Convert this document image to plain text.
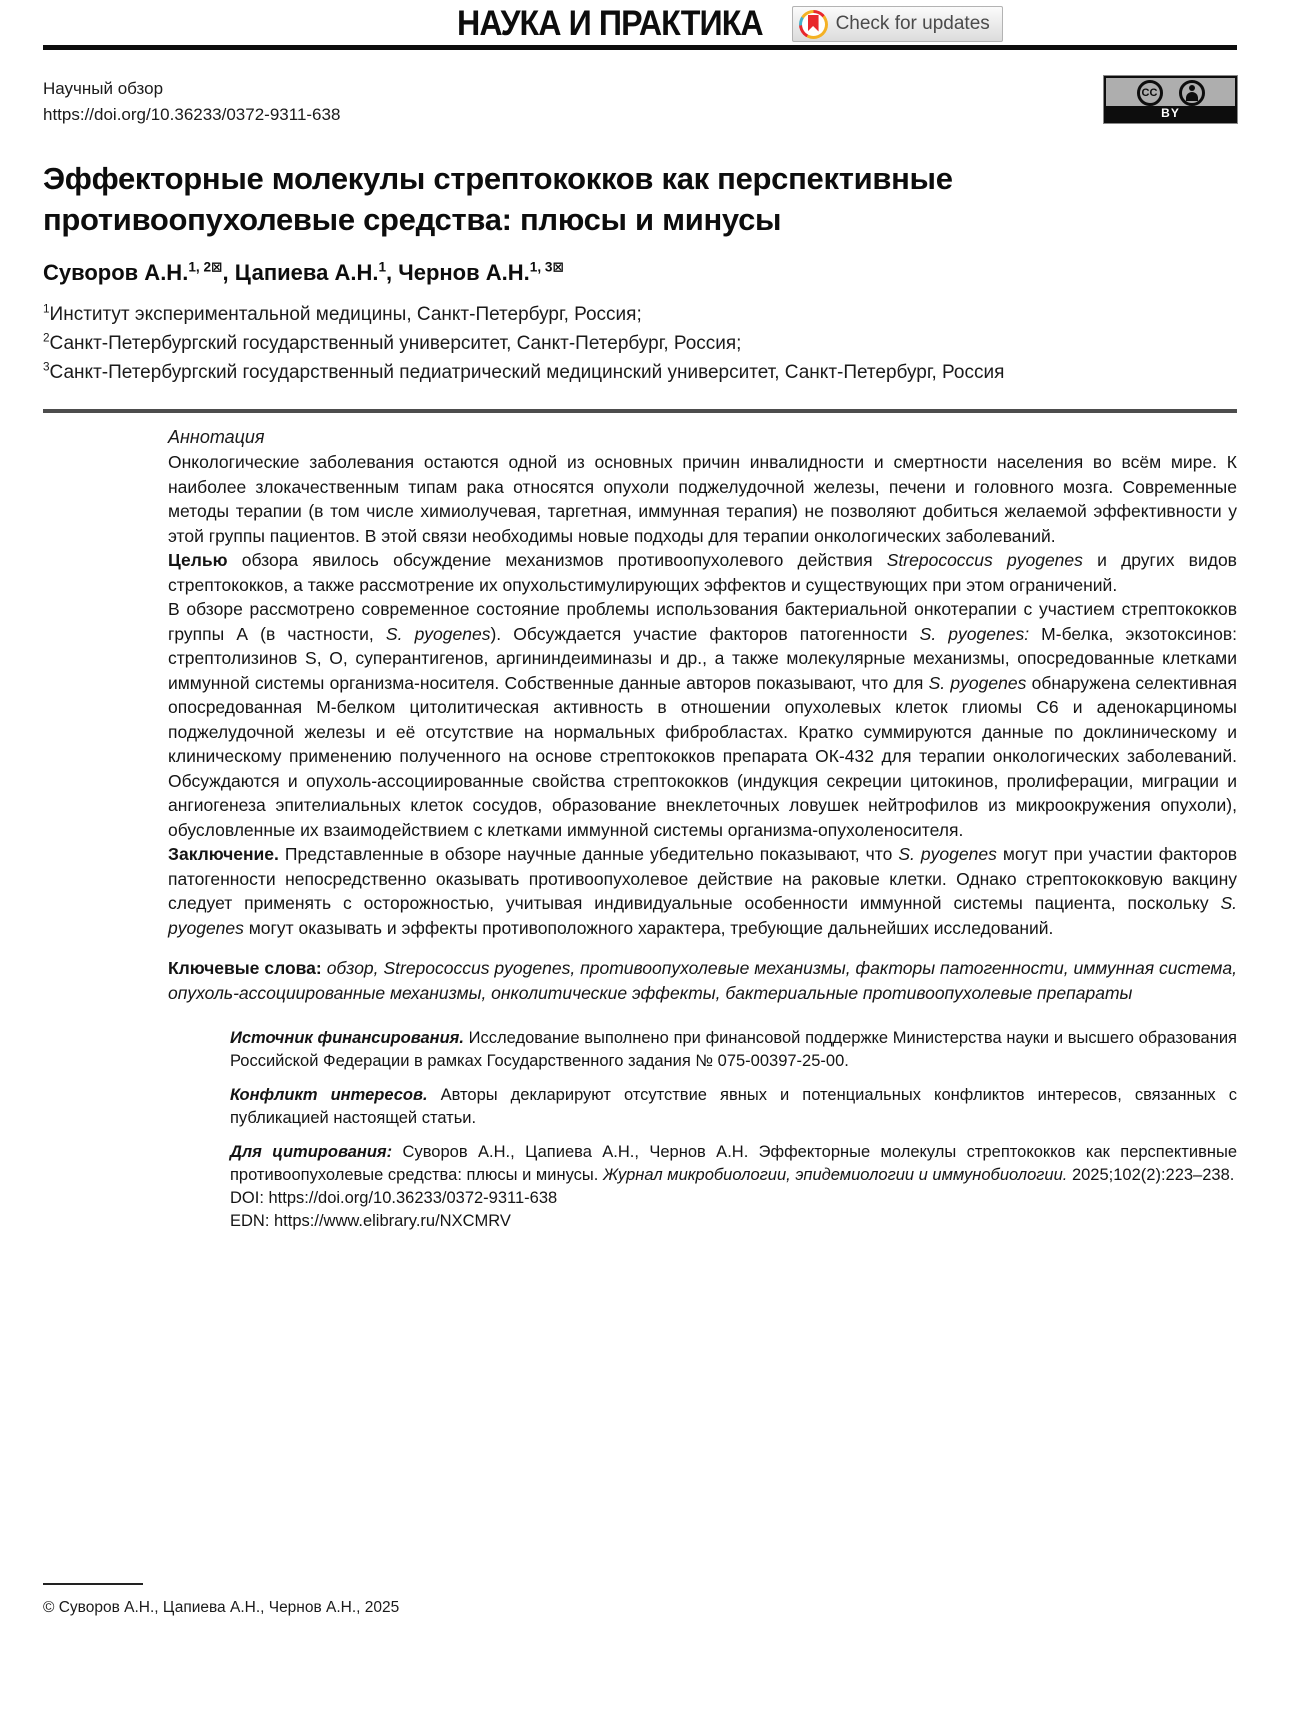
НАУКА И ПРАКТИКА	Check for updates
Научный обзор
https://doi.org/10.36233/0372-9311-638
CC
BY
Эффекторные молекулы стрептококков как перспективные противоопухолевые средства: плюсы и минусы
Суворов А.Н.$^{1, 2⊠}$, Цапиева А.Н.$^1$, Чернов А.Н.$^{1, 3⊠}$
$^1$Институт экспериментальной медицины, Санкт-Петербург, Россия;
$^2$Санкт-Петербургский государственный университет, Санкт-Петербург, Россия;
$^3$Санкт-Петербургский государственный педиатрический медицинский университет, Санкт-Петербург, Россия

Аннотация

Онкологические заболевания остаются одной из основных причин инвалидности и смертности населения во всём мире. К наиболее злокачественным типам рака относятся опухоли поджелудочной железы, печени и головного мозга. Современные методы терапии (в том числе химиолучевая, таргетная, иммунная терапия) не позволяют добиться желаемой эффективности у этой группы пациентов. В этой связи необходимы новые подходы для терапии онкологических заболеваний.

Целью обзора явилось обсуждение механизмов противоопухолевого действия Strepococcus pyogenes и других видов стрептококков, а также рассмотрение их опухольстимулирующих эффектов и существующих при этом ограничений.

В обзоре рассмотрено современное состояние проблемы использования бактериальной онкотерапии с участием стрептококков группы А (в частности, S. pyogenes). Обсуждается участие факторов патогенности S. pyogenes: М-белка, экзотоксинов: стрептолизинов S, О, суперантигенов, аргининдеиминазы и др., а также молекулярные механизмы, опосредованные клетками иммунной системы организма-носителя. Собственные данные авторов показывают, что для S. pyogenes обнаружена селективная опосредованная М-белком цитолитическая активность в отношении опухолевых клеток глиомы С6 и аденокарциномы поджелудочной железы и её отсутствие на нормальных фибробластах. Кратко суммируются данные по доклиническому и клиническому применению полученного на основе стрептококков препарата ОК-432 для терапии онкологических заболеваний. Обсуждаются и опухоль-ассоциированные свойства стрептококков (индукция секреции цитокинов, пролиферации, миграции и ангиогенеза эпителиальных клеток сосудов, образование внеклеточных ловушек нейтрофилов из микроокружения опухоли), обусловленные их взаимодействием с клетками иммунной системы организма-опухоленосителя.

Заключение. Представленные в обзоре научные данные убедительно показывают, что S. pyogenes могут при участии факторов патогенности непосредственно оказывать противоопухолевое действие на раковые клетки. Однако стрептококковую вакцину следует применять с осторожностью, учитывая индивидуальные особенности иммунной системы пациента, поскольку S. pyogenes могут оказывать и эффекты противоположного характера, требующие дальнейших исследований.

Ключевые слова: обзор, Strepococcus pyogenes, противоопухолевые механизмы, факторы патогенности, иммунная система, опухоль-ассоциированные механизмы, онколитические эффекты, бактериальные противоопухолевые препараты

Источник финансирования. Исследование выполнено при финансовой поддержке Министерства науки и высшего образования Российской Федерации в рамках Государственного задания № 075-00397-25-00.

Конфликт интересов. Авторы декларируют отсутствие явных и потенциальных конфликтов интересов, связанных с публикацией настоящей статьи.

Для цитирования: Суворов А.Н., Цапиева А.Н., Чернов А.Н. Эффекторные молекулы стрептококков как перспективные противоопухолевые средства: плюсы и минусы. Журнал микробиологии, эпидемиологии и иммунобиологии. 2025;102(2):223–238.

DOI: https://doi.org/10.36233/0372-9311-638

EDN: https://www.elibrary.ru/NXCMRV

© Суворов А.Н., Цапиева А.Н., Чернов А.Н., 2025
